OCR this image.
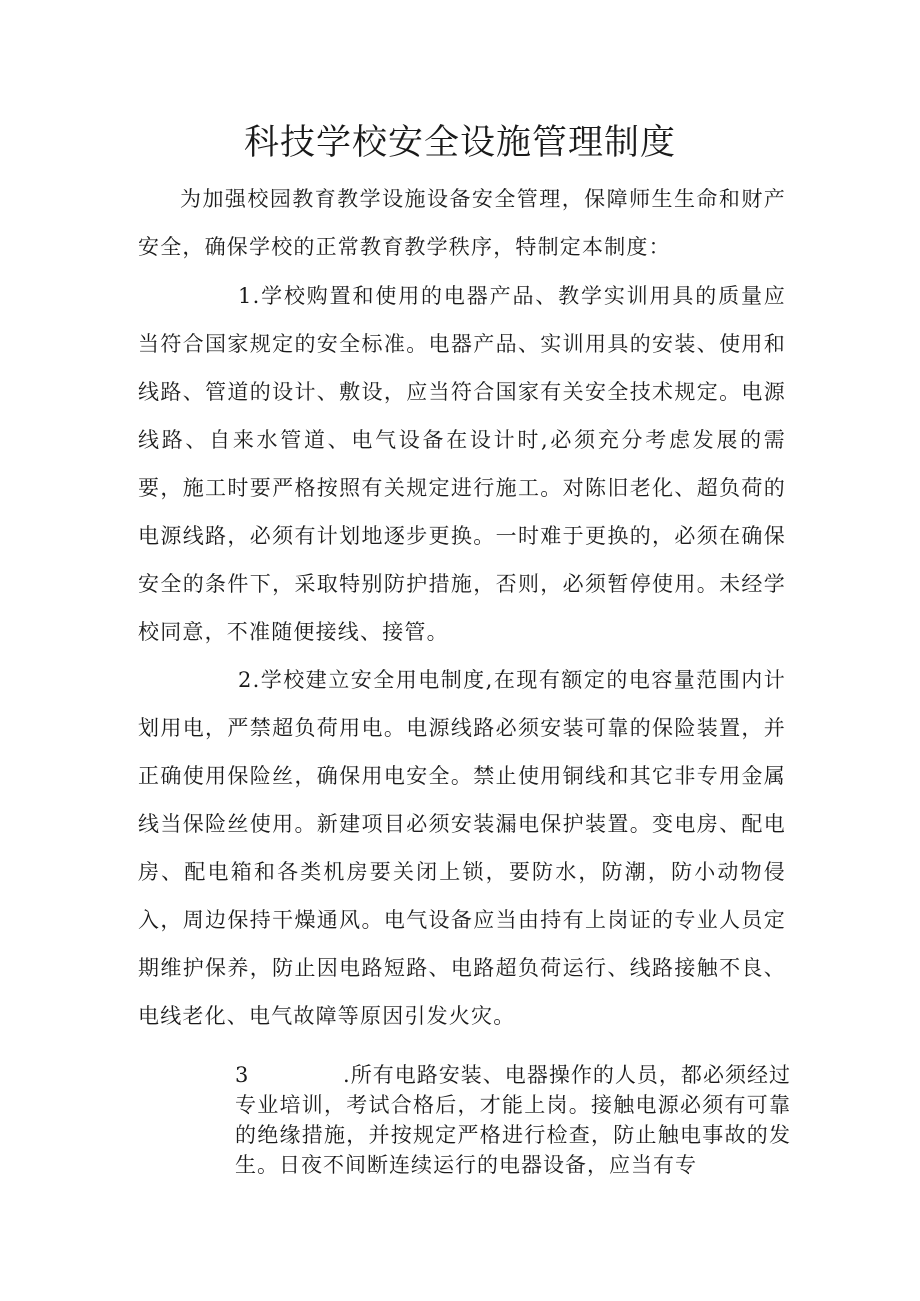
科技学校安全设施管理制度

为加强校园教育教学设施设备安全管理，保障师生生命和财产安全，确保学校的正常教育教学秩序，特制定本制度：

1.学校购置和使用的电器产品、教学实训用具的质量应当符合国家规定的安全标准。电器产品、实训用具的安装、使用和线路、管道的设计、敷设，应当符合国家有关安全技术规定。电源线路、自来水管道、电气设备在设计时,必须充分考虑发展的需要，施工时要严格按照有关规定进行施工。对陈旧老化、超负荷的电源线路，必须有计划地逐步更换。一时难于更换的，必须在确保安全的条件下，采取特别防护措施，否则，必须暂停使用。未经学校同意，不准随便接线、接管。

2.学校建立安全用电制度,在现有额定的电容量范围内计划用电，严禁超负荷用电。电源线路必须安装可靠的保险装置，并正确使用保险丝，确保用电安全。禁止使用铜线和其它非专用金属线当保险丝使用。新建项目必须安装漏电保护装置。变电房、配电房、配电箱和各类机房要关闭上锁，要防水，防潮，防小动物侵入，周边保持干燥通风。电气设备应当由持有上岗证的专业人员定期维护保养，防止因电路短路、电路超负荷运行、线路接触不良、电线老化、电气故障等原因引发火灾。

3	.所有电路安装、电器操作的人员，都必须经过专业培训，考试合格后，才能上岗。接触电源必须有可靠的绝缘措施，并按规定严格进行检查，防止触电事故的发生。日夜不间断连续运行的电器设备，应当有专
